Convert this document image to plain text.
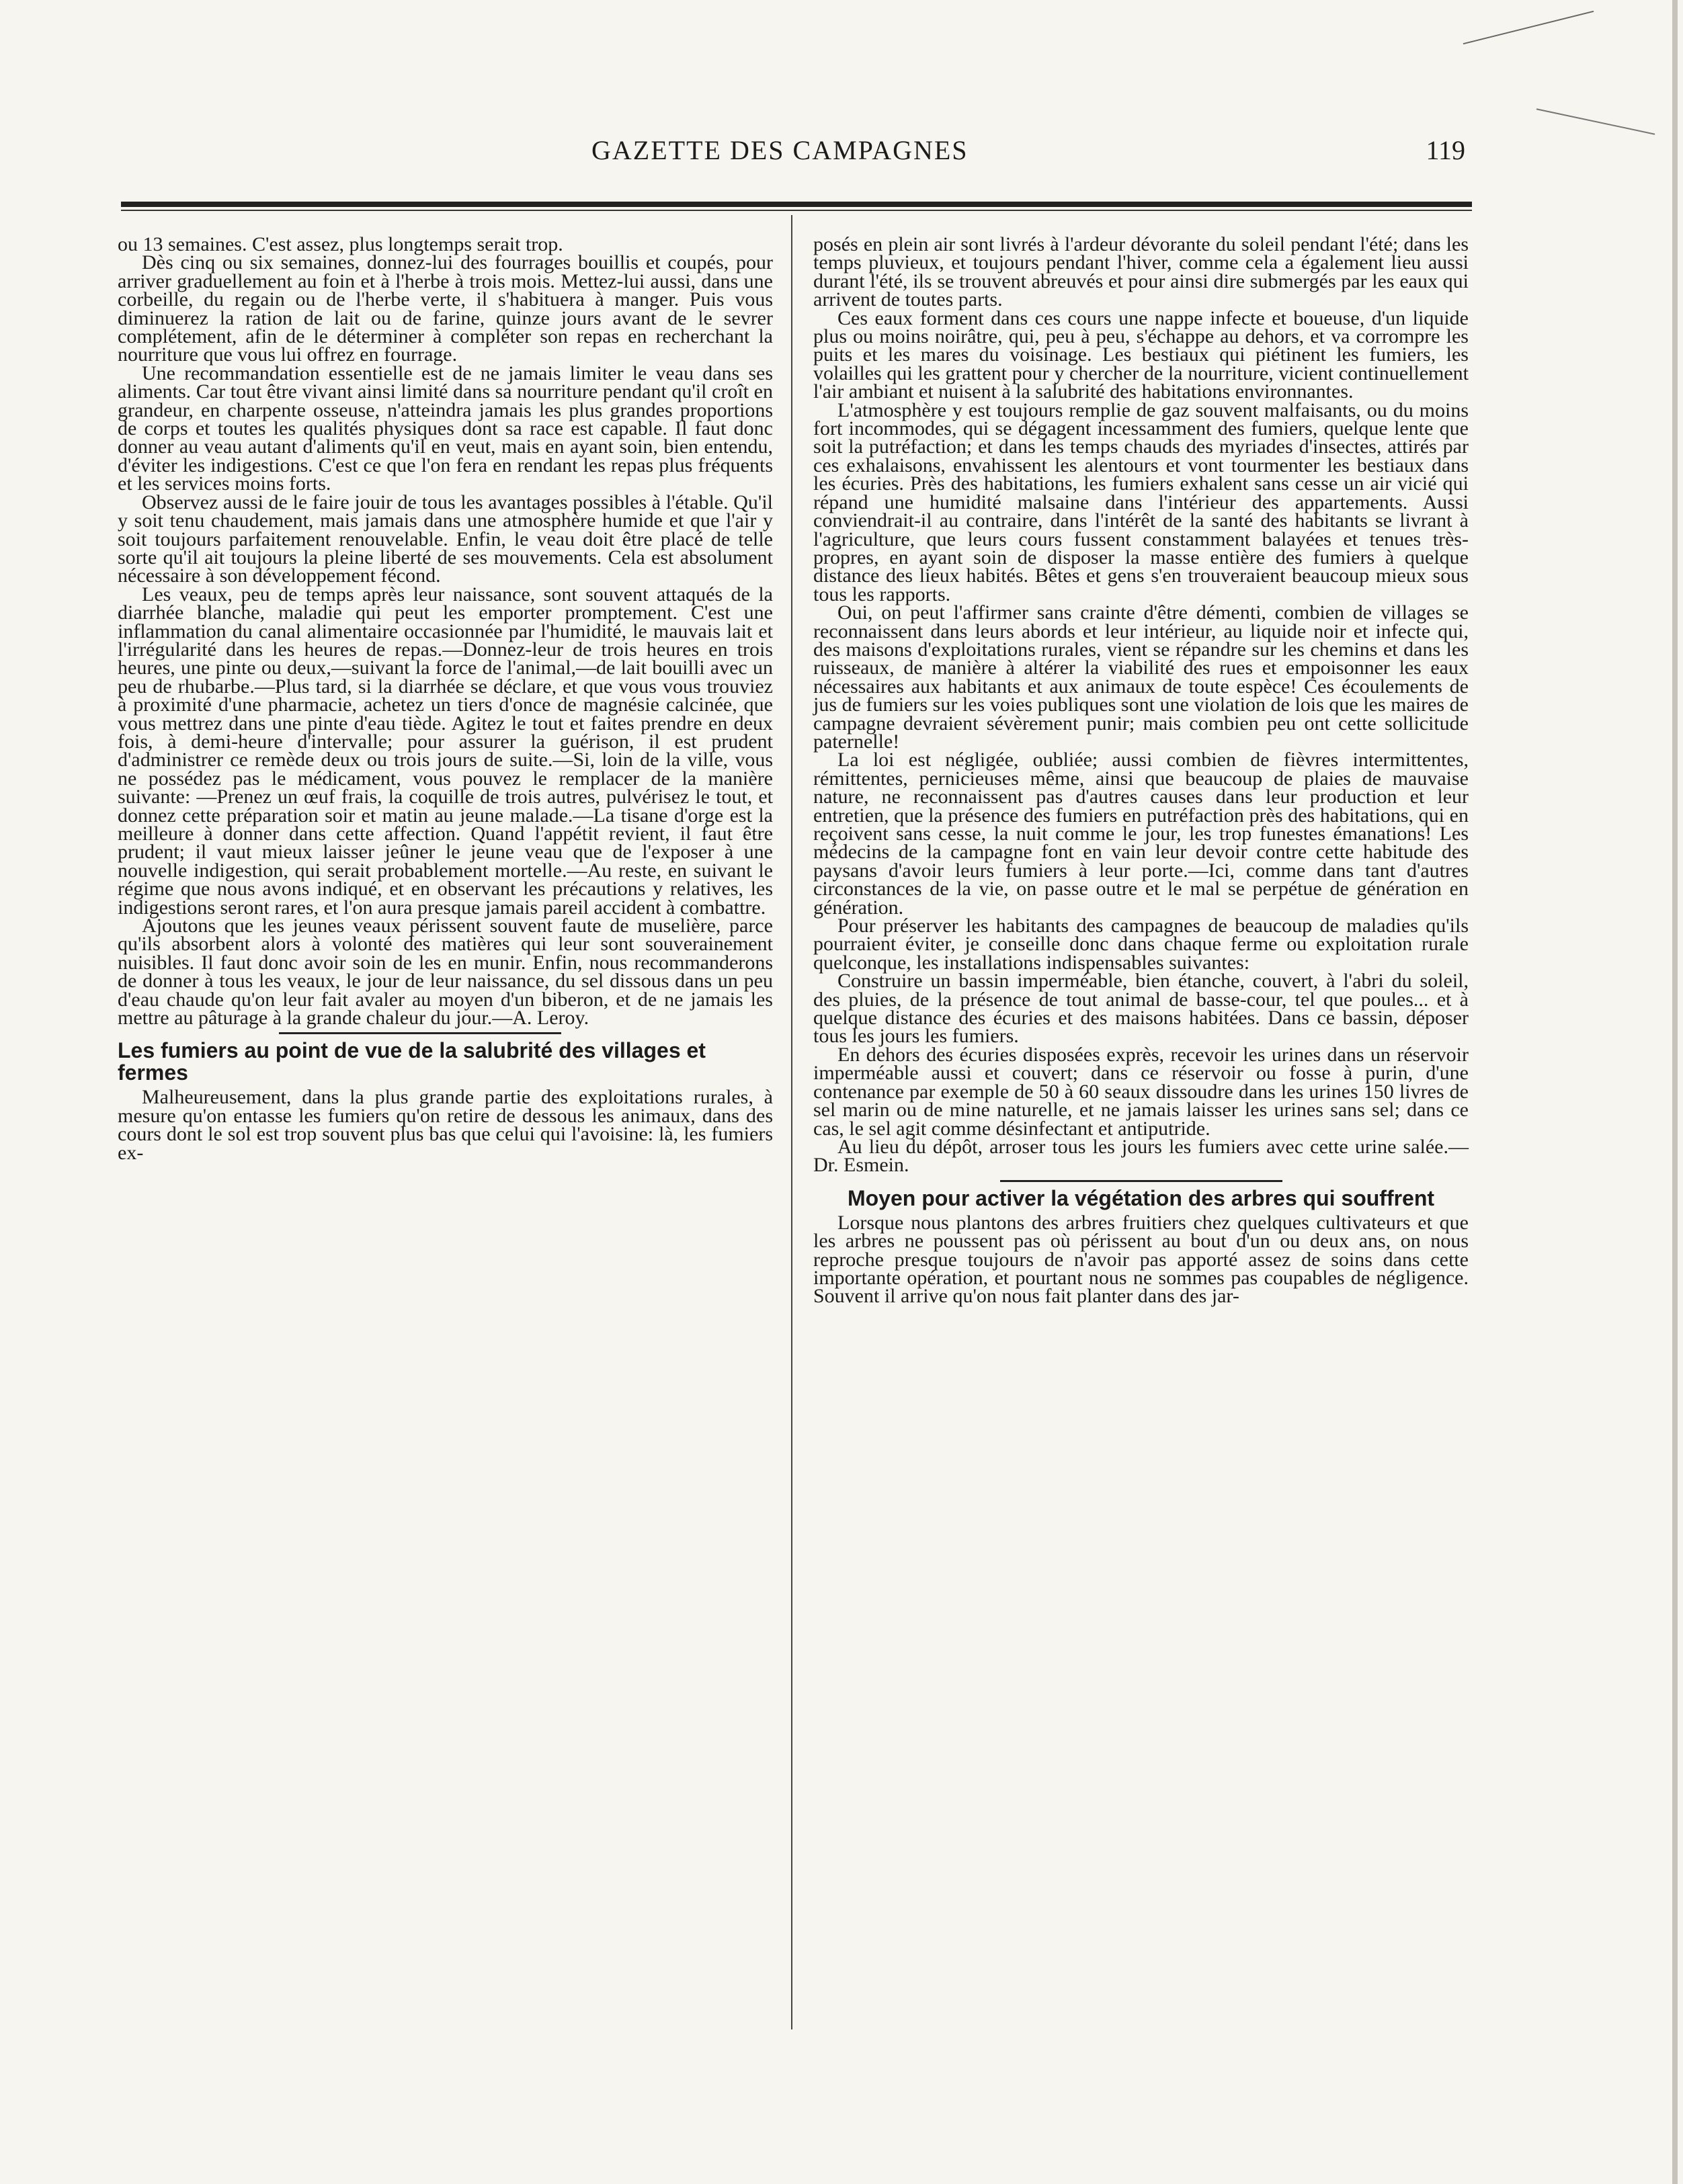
GAZETTE DES CAMPAGNES	119

ou 13 semaines. C'est assez, plus longtemps serait trop.

Dès cinq ou six semaines, donnez-lui des fourrages bouillis et coupés, pour arriver graduellement au foin et à l'herbe à trois mois. Mettez-lui aussi, dans une corbeille, du regain ou de l'herbe verte, il s'habituera à manger. Puis vous diminuerez la ration de lait ou de farine, quinze jours avant de le sevrer complétement, afin de le déterminer à compléter son repas en recherchant la nourriture que vous lui offrez en fourrage.

Une recommandation essentielle est de ne jamais limiter le veau dans ses aliments. Car tout être vivant ainsi limité dans sa nourriture pendant qu'il croît en grandeur, en charpente osseuse, n'atteindra jamais les plus grandes proportions de corps et toutes les qualités physiques dont sa race est capable. Il faut donc donner au veau autant d'aliments qu'il en veut, mais en ayant soin, bien entendu, d'éviter les indigestions. C'est ce que l'on fera en rendant les repas plus fréquents et les services moins forts.

Observez aussi de le faire jouir de tous les avantages possibles à l'étable. Qu'il y soit tenu chaudement, mais jamais dans une atmosphère humide et que l'air y soit toujours parfaitement renouvelable. Enfin, le veau doit être placé de telle sorte qu'il ait toujours la pleine liberté de ses mouvements. Cela est absolument nécessaire à son développement fécond.

Les veaux, peu de temps après leur naissance, sont souvent attaqués de la diarrhée blanche, maladie qui peut les emporter promptement. C'est une inflammation du canal alimentaire occasionnée par l'humidité, le mauvais lait et l'irrégularité dans les heures de repas.—Donnez-leur de trois heures en trois heures, une pinte ou deux,—suivant la force de l'animal,—de lait bouilli avec un peu de rhubarbe.—Plus tard, si la diarrhée se déclare, et que vous vous trouviez à proximité d'une pharmacie, achetez un tiers d'once de magnésie calcinée, que vous mettrez dans une pinte d'eau tiède. Agitez le tout et faites prendre en deux fois, à demi-heure d'intervalle; pour assurer la guérison, il est prudent d'administrer ce remède deux ou trois jours de suite.—Si, loin de la ville, vous ne possédez pas le médicament, vous pouvez le remplacer de la manière suivante: —Prenez un œuf frais, la coquille de trois autres, pulvérisez le tout, et donnez cette préparation soir et matin au jeune malade.—La tisane d'orge est la meilleure à donner dans cette affection. Quand l'appétit revient, il faut être prudent; il vaut mieux laisser jeûner le jeune veau que de l'exposer à une nouvelle indigestion, qui serait probablement mortelle.—Au reste, en suivant le régime que nous avons indiqué, et en observant les précautions y relatives, les indigestions seront rares, et l'on aura presque jamais pareil accident à combattre.

Ajoutons que les jeunes veaux périssent souvent faute de muselière, parce qu'ils absorbent alors à volonté des matières qui leur sont souverainement nuisibles. Il faut donc avoir soin de les en munir. Enfin, nous recommanderons de donner à tous les veaux, le jour de leur naissance, du sel dissous dans un peu d'eau chaude qu'on leur fait avaler au moyen d'un biberon, et de ne jamais les mettre au pâturage à la grande chaleur du jour.—A. Leroy.

Les fumiers au point de vue de la salubrité des villages et fermes

Malheureusement, dans la plus grande partie des exploitations rurales, à mesure qu'on entasse les fumiers qu'on retire de dessous les animaux, dans des cours dont le sol est trop souvent plus bas que celui qui l'avoisine: là, les fumiers ex-

posés en plein air sont livrés à l'ardeur dévorante du soleil pendant l'été; dans les temps pluvieux, et toujours pendant l'hiver, comme cela a également lieu aussi durant l'été, ils se trouvent abreuvés et pour ainsi dire submergés par les eaux qui arrivent de toutes parts.

Ces eaux forment dans ces cours une nappe infecte et boueuse, d'un liquide plus ou moins noirâtre, qui, peu à peu, s'échappe au dehors, et va corrompre les puits et les mares du voisinage. Les bestiaux qui piétinent les fumiers, les volailles qui les grattent pour y chercher de la nourriture, vicient continuellement l'air ambiant et nuisent à la salubrité des habitations environnantes.

L'atmosphère y est toujours remplie de gaz souvent malfaisants, ou du moins fort incommodes, qui se dégagent incessamment des fumiers, quelque lente que soit la putréfaction; et dans les temps chauds des myriades d'insectes, attirés par ces exhalaisons, envahissent les alentours et vont tourmenter les bestiaux dans les écuries. Près des habitations, les fumiers exhalent sans cesse un air vicié qui répand une humidité malsaine dans l'intérieur des appartements. Aussi conviendrait-il au contraire, dans l'intérêt de la santé des habitants se livrant à l'agriculture, que leurs cours fussent constamment balayées et tenues très-propres, en ayant soin de disposer la masse entière des fumiers à quelque distance des lieux habités. Bêtes et gens s'en trouveraient beaucoup mieux sous tous les rapports.

Oui, on peut l'affirmer sans crainte d'être démenti, combien de villages se reconnaissent dans leurs abords et leur intérieur, au liquide noir et infecte qui, des maisons d'exploitations rurales, vient se répandre sur les chemins et dans les ruisseaux, de manière à altérer la viabilité des rues et empoisonner les eaux nécessaires aux habitants et aux animaux de toute espèce! Ces écoulements de jus de fumiers sur les voies publiques sont une violation de lois que les maires de campagne devraient sévèrement punir; mais combien peu ont cette sollicitude paternelle!

La loi est négligée, oubliée; aussi combien de fièvres intermittentes, rémittentes, pernicieuses même, ainsi que beaucoup de plaies de mauvaise nature, ne reconnaissent pas d'autres causes dans leur production et leur entretien, que la présence des fumiers en putréfaction près des habitations, qui en reçoivent sans cesse, la nuit comme le jour, les trop funestes émanations! Les médecins de la campagne font en vain leur devoir contre cette habitude des paysans d'avoir leurs fumiers à leur porte.—Ici, comme dans tant d'autres circonstances de la vie, on passe outre et le mal se perpétue de génération en génération.

Pour préserver les habitants des campagnes de beaucoup de maladies qu'ils pourraient éviter, je conseille donc dans chaque ferme ou exploitation rurale quelconque, les installations indispensables suivantes:

Construire un bassin imperméable, bien étanche, couvert, à l'abri du soleil, des pluies, de la présence de tout animal de basse-cour, tel que poules... et à quelque distance des écuries et des maisons habitées. Dans ce bassin, déposer tous les jours les fumiers.

En dehors des écuries disposées exprès, recevoir les urines dans un réservoir imperméable aussi et couvert; dans ce réservoir ou fosse à purin, d'une contenance par exemple de 50 à 60 seaux dissoudre dans les urines 150 livres de sel marin ou de mine naturelle, et ne jamais laisser les urines sans sel; dans ce cas, le sel agit comme désinfectant et antiputride.

Au lieu du dépôt, arroser tous les jours les fumiers avec cette urine salée.—Dr. Esmein.

Moyen pour activer la végétation des arbres qui souffrent

Lorsque nous plantons des arbres fruitiers chez quelques cultivateurs et que les arbres ne poussent pas où périssent au bout d'un ou deux ans, on nous reproche presque toujours de n'avoir pas apporté assez de soins dans cette importante opération, et pourtant nous ne sommes pas coupables de négligence. Souvent il arrive qu'on nous fait planter dans des jar-
